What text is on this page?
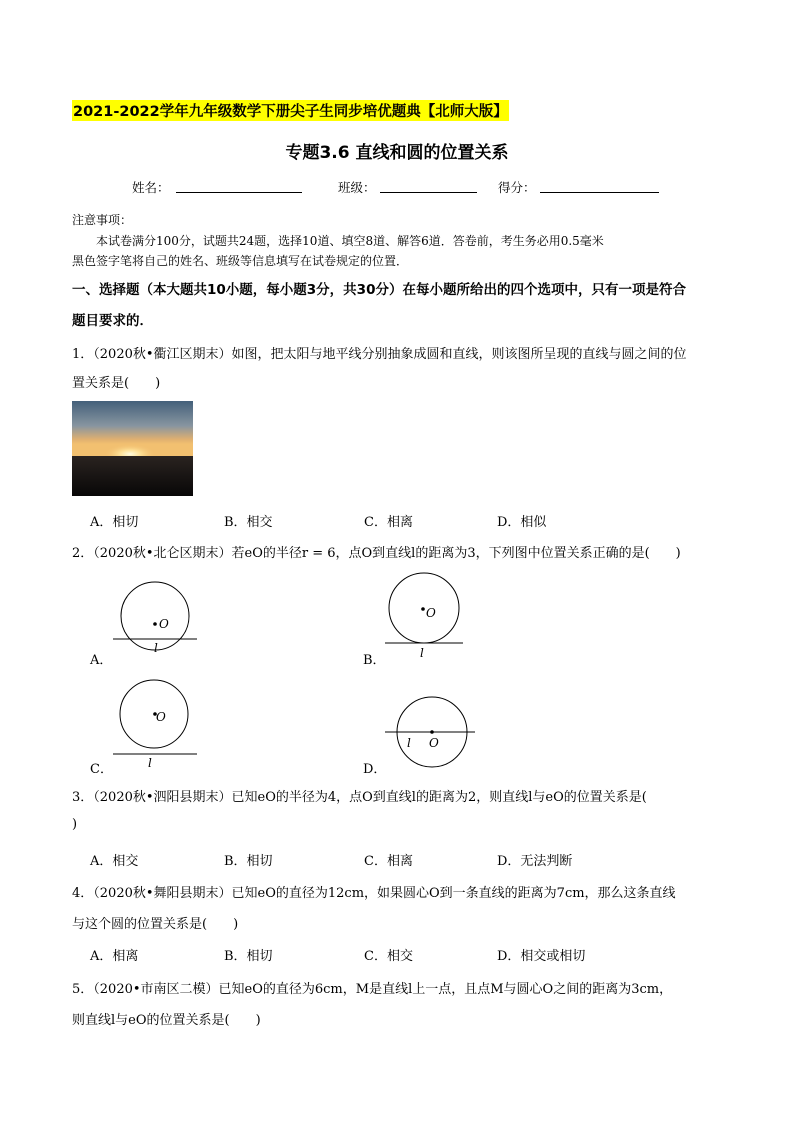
2021-2022学年九年级数学下册尖子生同步培优题典【北师大版】
专题3.6 直线和圆的位置关系
姓名：	班级：	得分：
注意事项：
本试卷满分100分，试题共24题，选择10道、填空8道、解答6道．答卷前，考生务必用0.5毫米
黑色签字笔将自己的姓名、班级等信息填写在试卷规定的位置．
一、选择题（本大题共10小题，每小题3分，共30分）在每小题所给出的四个选项中，只有一项是符合
题目要求的．
1．（2020秋•衢江区期末）如图，把太阳与地平线分别抽象成圆和直线，则该图所呈现的直线与圆之间的位
置关系是(　　)
A．相切	B．相交	C．相离	D．相似
2．（2020秋•北仑区期末）若eO的半径r = 6，点O到直线l的距离为3，下列图中位置关系正确的是(　　)
A．
O
l
B．
O
l
C．
O
l	D．
O
l
3．（2020秋•泗阳县期末）已知eO的半径为4，点O到直线l的距离为2，则直线l与eO的位置关系是(
)
A．相交	B．相切	C．相离	D．无法判断
4．（2020秋•舞阳县期末）已知eO的直径为12cm，如果圆心O到一条直线的距离为7cm，那么这条直线
与这个圆的位置关系是(　　)
A．相离	B．相切	C．相交	D．相交或相切
5．（2020•市南区二模）已知eO的直径为6cm，M是直线l上一点，且点M与圆心O之间的距离为3cm，
则直线l与eO的位置关系是(　　)
